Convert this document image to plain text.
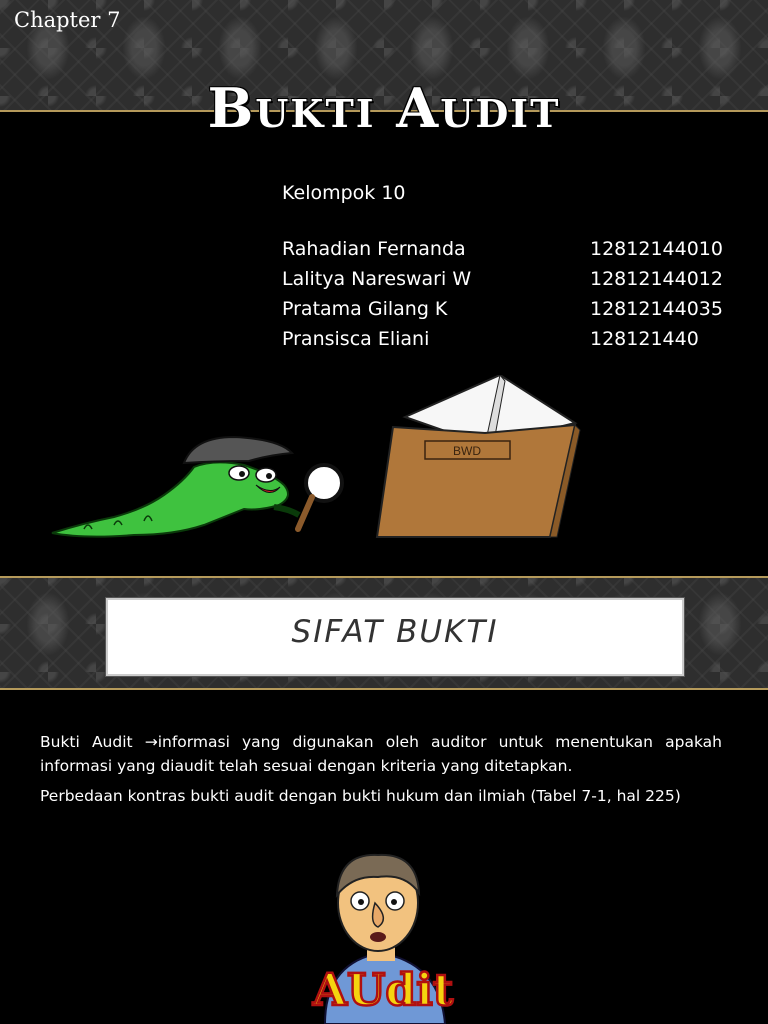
Chapter 7
Bukti Audit
Kelompok 10
Rahadian Fernanda	12812144010
Lalitya Nareswari W	12812144012
Pratama Gilang K	12812144035
Pransisca Eliani	128121440
BWD
SIFAT BUKTI
Bukti Audit →informasi yang digunakan oleh auditor untuk menentukan apakah informasi yang diaudit telah sesuai dengan kriteria yang ditetapkan.
Perbedaan kontras bukti audit dengan bukti hukum dan ilmiah (Tabel 7-1, hal 225)
AUdit
